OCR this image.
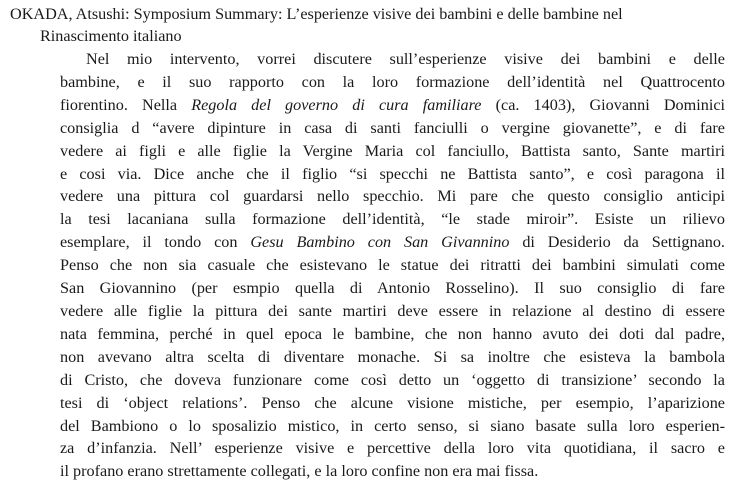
OKADA, Atsushi: Symposium Summary: L’esperienze visive dei bambini e delle bambine nel
Rinascimento italiano
Nel mio intervento, vorrei discutere sull’esperienze visive dei bambini e delle
bambine, e il suo rapporto con la loro formazione dell’identità nel Quattrocento
fiorentino. Nella Regola del governo di cura familiare (ca. 1403), Giovanni Dominici
consiglia d “avere dipinture in casa di santi fanciulli o vergine giovanette”, e di fare
vedere ai figli e alle figlie la Vergine Maria col fanciullo, Battista santo, Sante martiri
e cosi via. Dice anche che il figlio “si specchi ne Battista santo”, e così paragona il
vedere una pittura col guardarsi nello specchio. Mi pare che questo consiglio anticipi
la tesi lacaniana sulla formazione dell’identità, “le stade miroir”. Esiste un rilievo
esemplare, il tondo con Gesu Bambino con San Givannino di Desiderio da Settignano.
Penso che non sia casuale che esistevano le statue dei ritratti dei bambini simulati come
San Giovannino (per esmpio quella di Antonio Rosselino). Il suo consiglio di fare
vedere alle figlie la pittura dei sante martiri deve essere in relazione al destino di essere
nata femmina, perché in quel epoca le bambine, che non hanno avuto dei doti dal padre,
non avevano altra scelta di diventare monache. Si sa inoltre che esisteva la bambola
di Cristo, che doveva funzionare come così detto un ‘oggetto di transizione’ secondo la
tesi di ‘object relations’. Penso che alcune visione mistiche, per esempio, l’aparizione
del Bambiono o lo sposalizio mistico, in certo senso, si siano basate sulla loro esperien-
za d’infanzia. Nell’ esperienze visive e percettive della loro vita quotidiana, il sacro e
il profano erano strettamente collegati, e la loro confine non era mai fissa.
